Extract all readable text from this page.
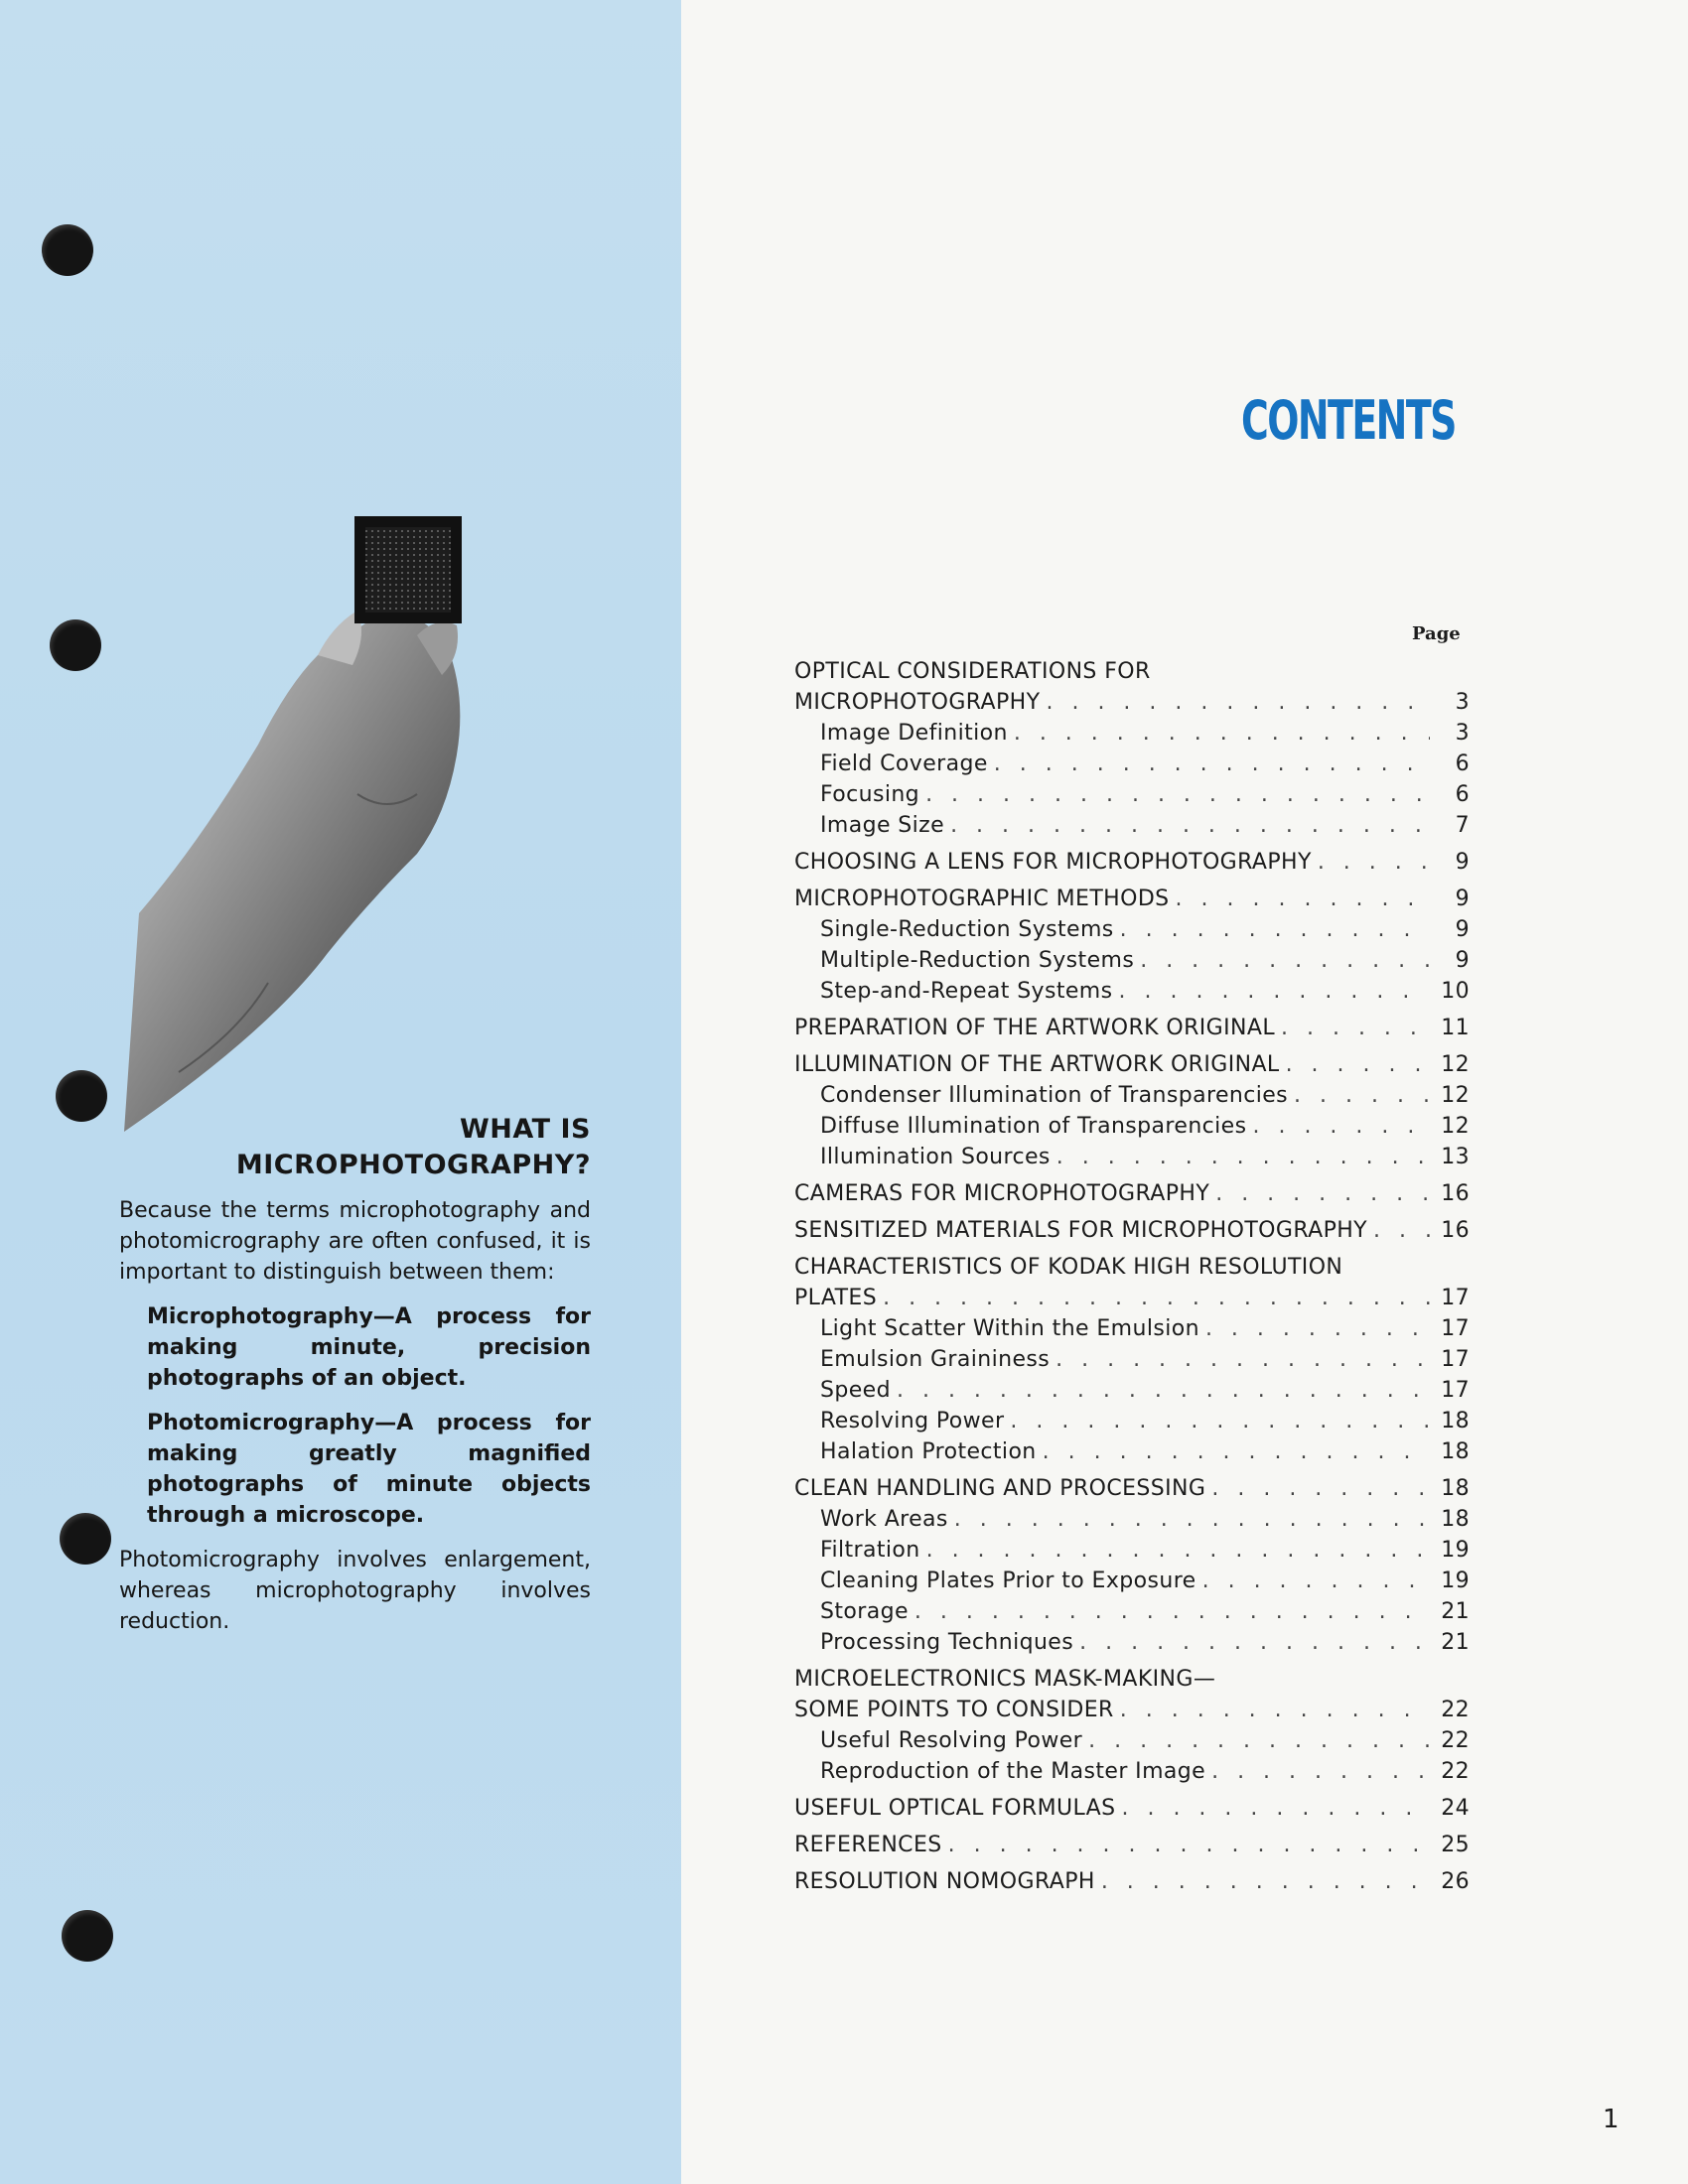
WHAT IS
MICROPHOTOGRAPHY?

Because the terms microphotography and photomicrography are often confused, it is important to distinguish between them:

Microphotography—A process for making minute, precision photographs of an object.

Photomicrography—A process for making greatly magnified photographs of minute objects through a microscope.

Photomicrography involves enlargement, whereas microphotography involves reduction.

CONTENTS
Page
OPTICAL CONSIDERATIONS FOR
MICROPHOTOGRAPHY . . .	3
Image Definition . . .	3
Field Coverage . . .	6
Focusing . . .	6
Image Size . . .	7
CHOOSING A LENS FOR MICROPHOTOGRAPHY . . .	9
MICROPHOTOGRAPHIC METHODS . . .	9
Single-Reduction Systems . . .	9
Multiple-Reduction Systems . . .	9
Step-and-Repeat Systems . . .	10
PREPARATION OF THE ARTWORK ORIGINAL . . .	11
ILLUMINATION OF THE ARTWORK ORIGINAL . . .	12
Condenser Illumination of Transparencies . . .	12
Diffuse Illumination of Transparencies . . .	12
Illumination Sources . . .	13
CAMERAS FOR MICROPHOTOGRAPHY . . .	16
SENSITIZED MATERIALS FOR MICROPHOTOGRAPHY . . .	16
CHARACTERISTICS OF KODAK HIGH RESOLUTION
PLATES . . .	17
Light Scatter Within the Emulsion . . .	17
Emulsion Graininess . . .	17
Speed . . .	17
Resolving Power . . .	18
Halation Protection . . .	18
CLEAN HANDLING AND PROCESSING . . .	18
Work Areas . . .	18
Filtration . . .	19
Cleaning Plates Prior to Exposure . . .	19
Storage . . .	21
Processing Techniques . . .	21
MICROELECTRONICS MASK-MAKING—
SOME POINTS TO CONSIDER . . .	22
Useful Resolving Power . . .	22
Reproduction of the Master Image . . .	22
USEFUL OPTICAL FORMULAS . . .	24
REFERENCES . . .	25
RESOLUTION NOMOGRAPH . . .	26
1
